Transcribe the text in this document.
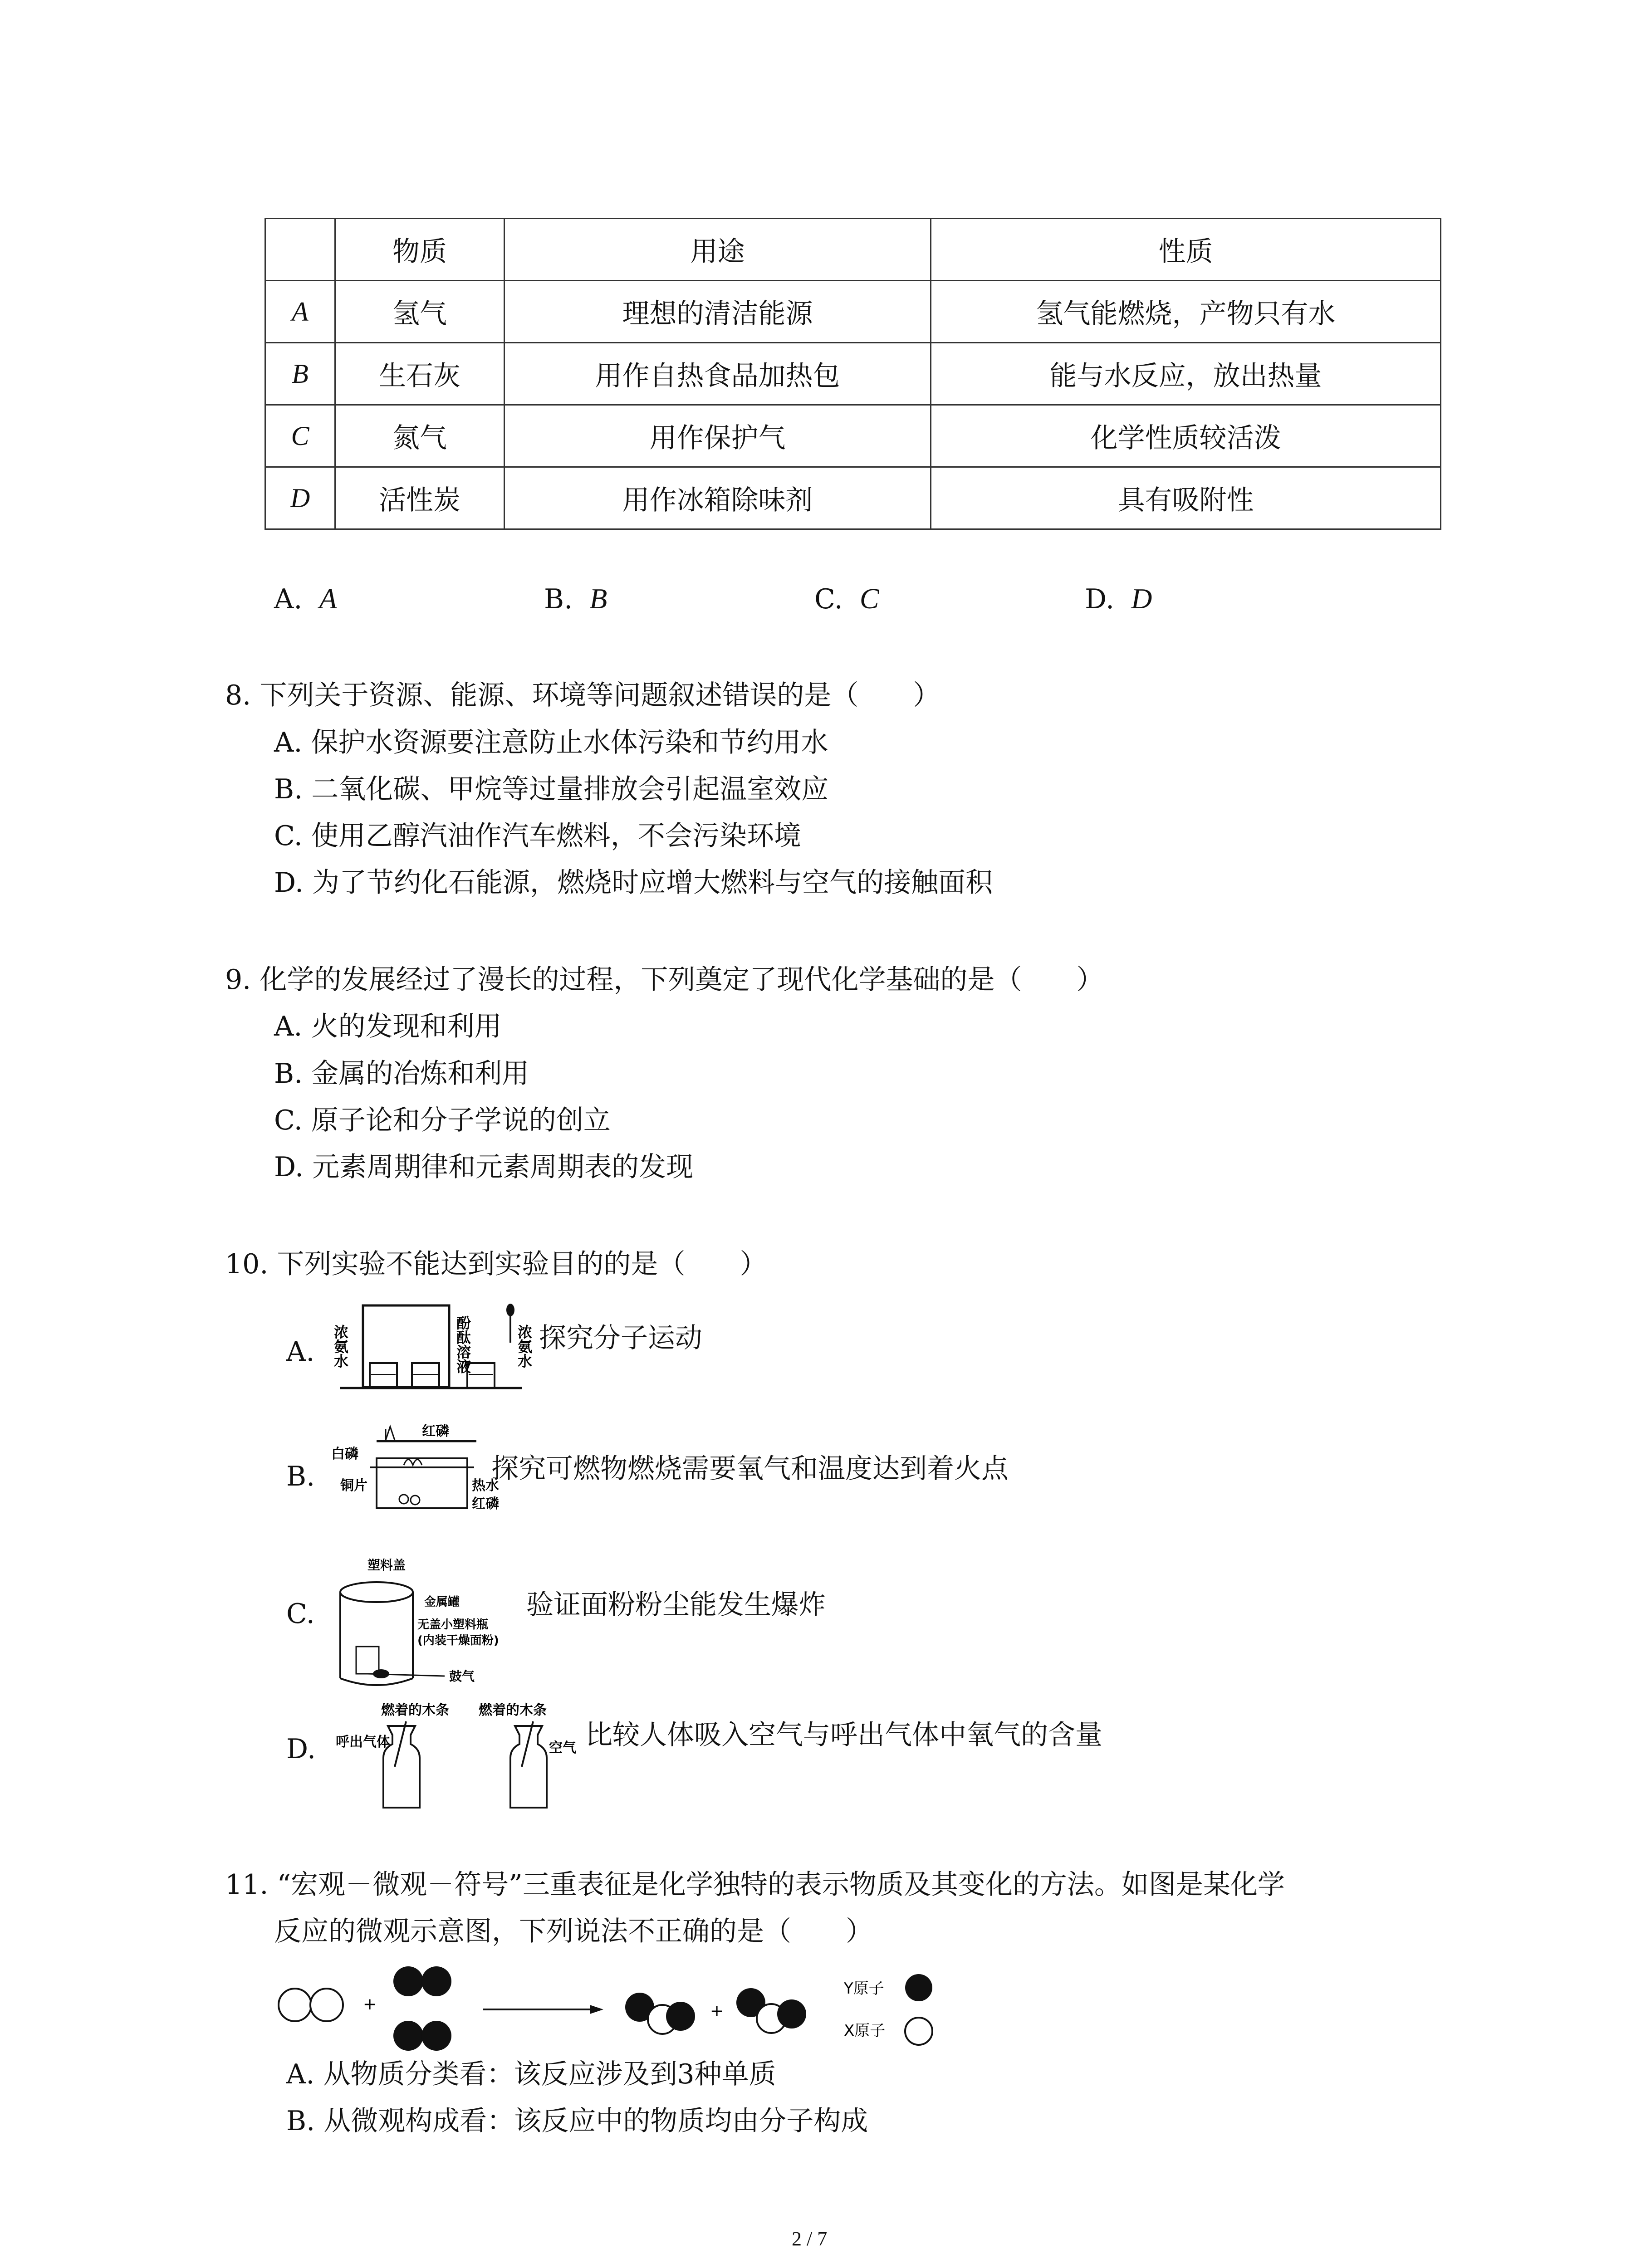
	物质	用途	性质
A	氢气	理想的清洁能源	氢气能燃烧，产物只有水
B	生石灰	用作自热食品加热包	能与水反应，放出热量
C	氮气	用作保护气	化学性质较活泼
D	活性炭	用作冰箱除味剂	具有吸附性
A. A	B. B	C. C	D. D
8. 下列关于资源、能源、环境等问题叙述错误的是（　　）
A. 保护水资源要注意防止水体污染和节约用水
B. 二氧化碳、甲烷等过量排放会引起温室效应
C. 使用乙醇汽油作汽车燃料，不会污染环境
D. 为了节约化石能源，燃烧时应增大燃料与空气的接触面积
9. 化学的发展经过了漫长的过程，下列奠定了现代化学基础的是（　　）
A. 火的发现和利用
B. 金属的冶炼和利用
C. 原子论和分子学说的创立
D. 元素周期律和元素周期表的发现
10. 下列实验不能达到实验目的的是（　　）
A. 浓氨水	酚酞溶液	浓氨水 探究分子运动
B.
红磷
白磷
铜片	热水
红磷
探究可燃物燃烧需要氧气和温度达到着火点
C.
塑料盖
金属罐
无盖小塑料瓶
(内装干燥面粉)
鼓气
验证面粉粉尘能发生爆炸
D.
燃着的木条 燃着的木条
呼出气体	空气 比较人体吸入空气与呼出气体中氧气的含量
11. “宏观－微观－符号”三重表征是化学独特的表示物质及其变化的方法。如图是某化学
反应的微观示意图，下列说法不正确的是（　　）
+	+
Y原子
X原子
A. 从物质分类看：该反应涉及到3种单质
B. 从微观构成看：该反应中的物质均由分子构成
2 / 7
